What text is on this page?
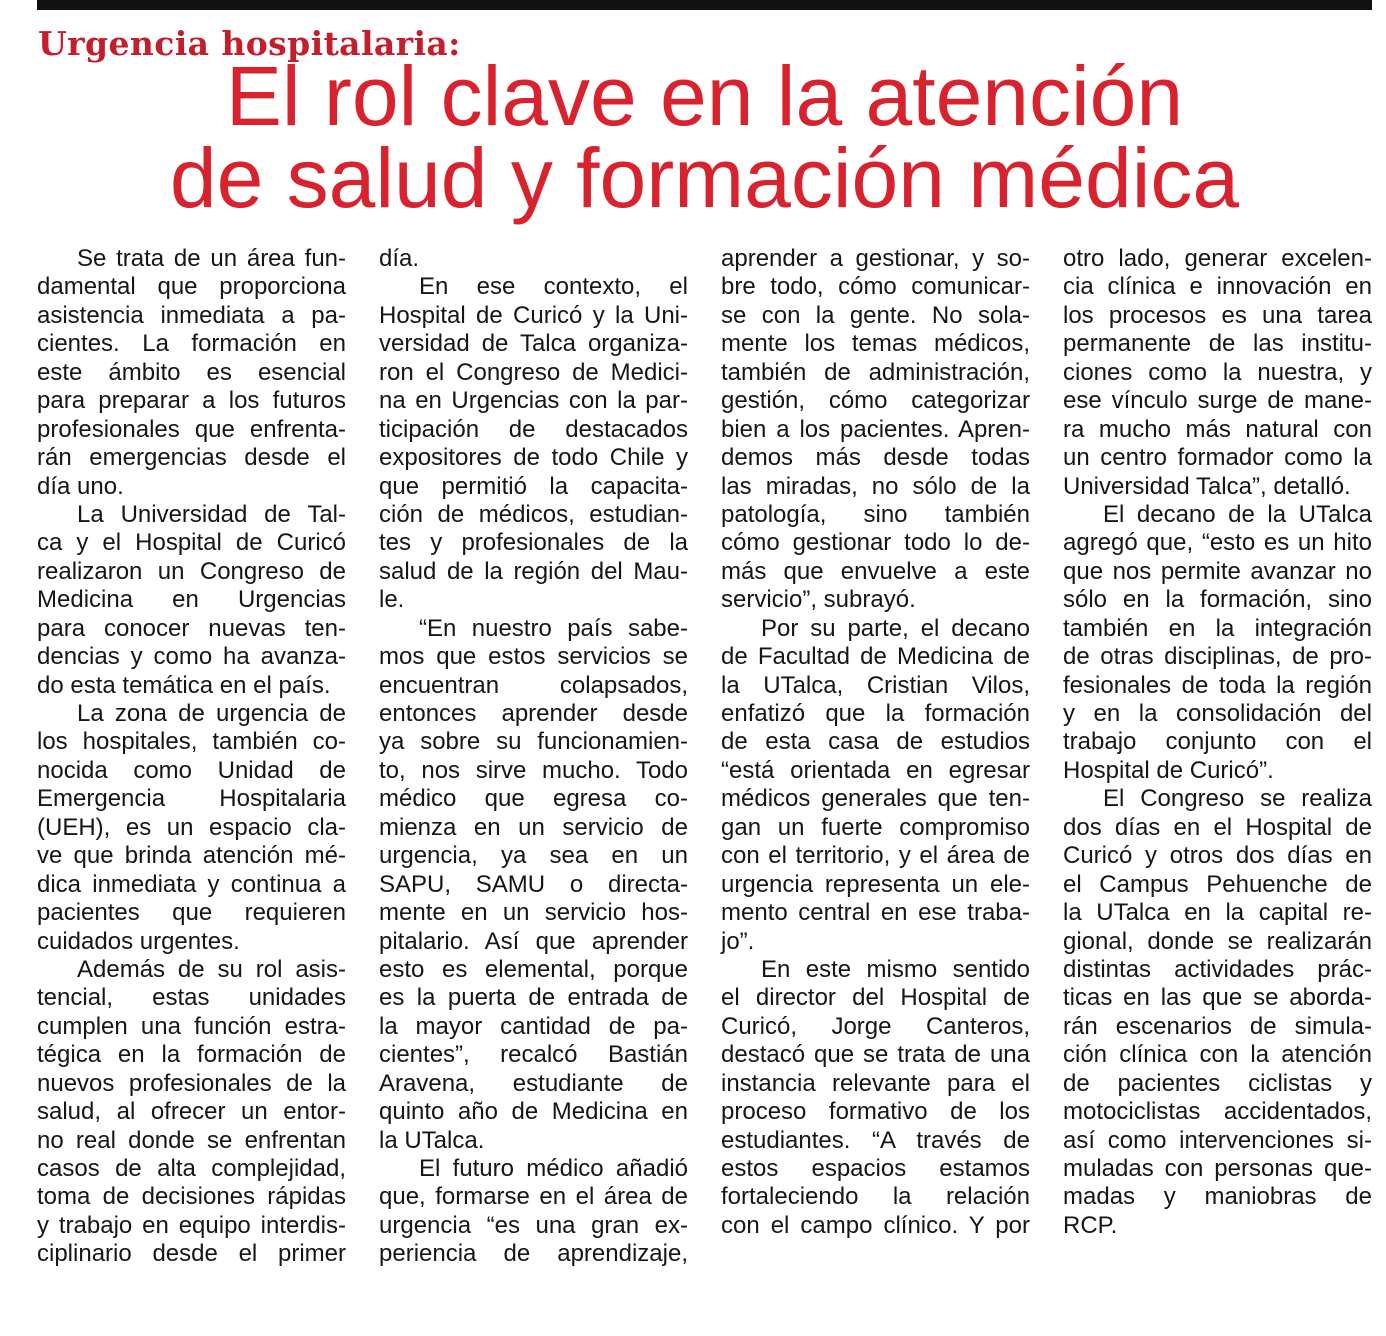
Urgencia hospitalaria:
El rol clave en la atención
de salud y formación médica
Se trata de un área fun-
damental que proporciona
asistencia inmediata a pa-
cientes. La formación en
este ámbito es esencial
para preparar a los futuros
profesionales que enfrenta-
rán emergencias desde el
día uno.
La Universidad de Tal-
ca y el Hospital de Curicó
realizaron un Congreso de
Medicina en Urgencias
para conocer nuevas ten-
dencias y como ha avanza-
do esta temática en el país.
La zona de urgencia de
los hospitales, también co-
nocida como Unidad de
Emergencia Hospitalaria
(UEH), es un espacio cla-
ve que brinda atención mé-
dica inmediata y continua a
pacientes que requieren
cuidados urgentes.
Además de su rol asis-
tencial, estas unidades
cumplen una función estra-
tégica en la formación de
nuevos profesionales de la
salud, al ofrecer un entor-
no real donde se enfrentan
casos de alta complejidad,
toma de decisiones rápidas
y trabajo en equipo interdis-
ciplinario desde el primer
día.
En ese contexto, el
Hospital de Curicó y la Uni-
versidad de Talca organiza-
ron el Congreso de Medici-
na en Urgencias con la par-
ticipación de destacados
expositores de todo Chile y
que permitió la capacita-
ción de médicos, estudian-
tes y profesionales de la
salud de la región del Mau-
le.
“En nuestro país sabe-
mos que estos servicios se
encuentran colapsados,
entonces aprender desde
ya sobre su funcionamien-
to, nos sirve mucho. Todo
médico que egresa co-
mienza en un servicio de
urgencia, ya sea en un
SAPU, SAMU o directa-
mente en un servicio hos-
pitalario. Así que aprender
esto es elemental, porque
es la puerta de entrada de
la mayor cantidad de pa-
cientes”, recalcó Bastián
Aravena, estudiante de
quinto año de Medicina en
la UTalca.
El futuro médico añadió
que, formarse en el área de
urgencia “es una gran ex-
periencia de aprendizaje,
aprender a gestionar, y so-
bre todo, cómo comunicar-
se con la gente. No sola-
mente los temas médicos,
también de administración,
gestión, cómo categorizar
bien a los pacientes. Apren-
demos más desde todas
las miradas, no sólo de la
patología, sino también
cómo gestionar todo lo de-
más que envuelve a este
servicio”, subrayó.
Por su parte, el decano
de Facultad de Medicina de
la UTalca, Cristian Vilos,
enfatizó que la formación
de esta casa de estudios
“está orientada en egresar
médicos generales que ten-
gan un fuerte compromiso
con el territorio, y el área de
urgencia representa un ele-
mento central en ese traba-
jo”.
En este mismo sentido
el director del Hospital de
Curicó, Jorge Canteros,
destacó que se trata de una
instancia relevante para el
proceso formativo de los
estudiantes. “A través de
estos espacios estamos
fortaleciendo la relación
con el campo clínico. Y por
otro lado, generar excelen-
cia clínica e innovación en
los procesos es una tarea
permanente de las institu-
ciones como la nuestra, y
ese vínculo surge de mane-
ra mucho más natural con
un centro formador como la
Universidad Talca”, detalló.
El decano de la UTalca
agregó que, “esto es un hito
que nos permite avanzar no
sólo en la formación, sino
también en la integración
de otras disciplinas, de pro-
fesionales de toda la región
y en la consolidación del
trabajo conjunto con el
Hospital de Curicó”.
El Congreso se realiza
dos días en el Hospital de
Curicó y otros dos días en
el Campus Pehuenche de
la UTalca en la capital re-
gional, donde se realizarán
distintas actividades prác-
ticas en las que se aborda-
rán escenarios de simula-
ción clínica con la atención
de pacientes ciclistas y
motociclistas accidentados,
así como intervenciones si-
muladas con personas que-
madas y maniobras de
RCP.
